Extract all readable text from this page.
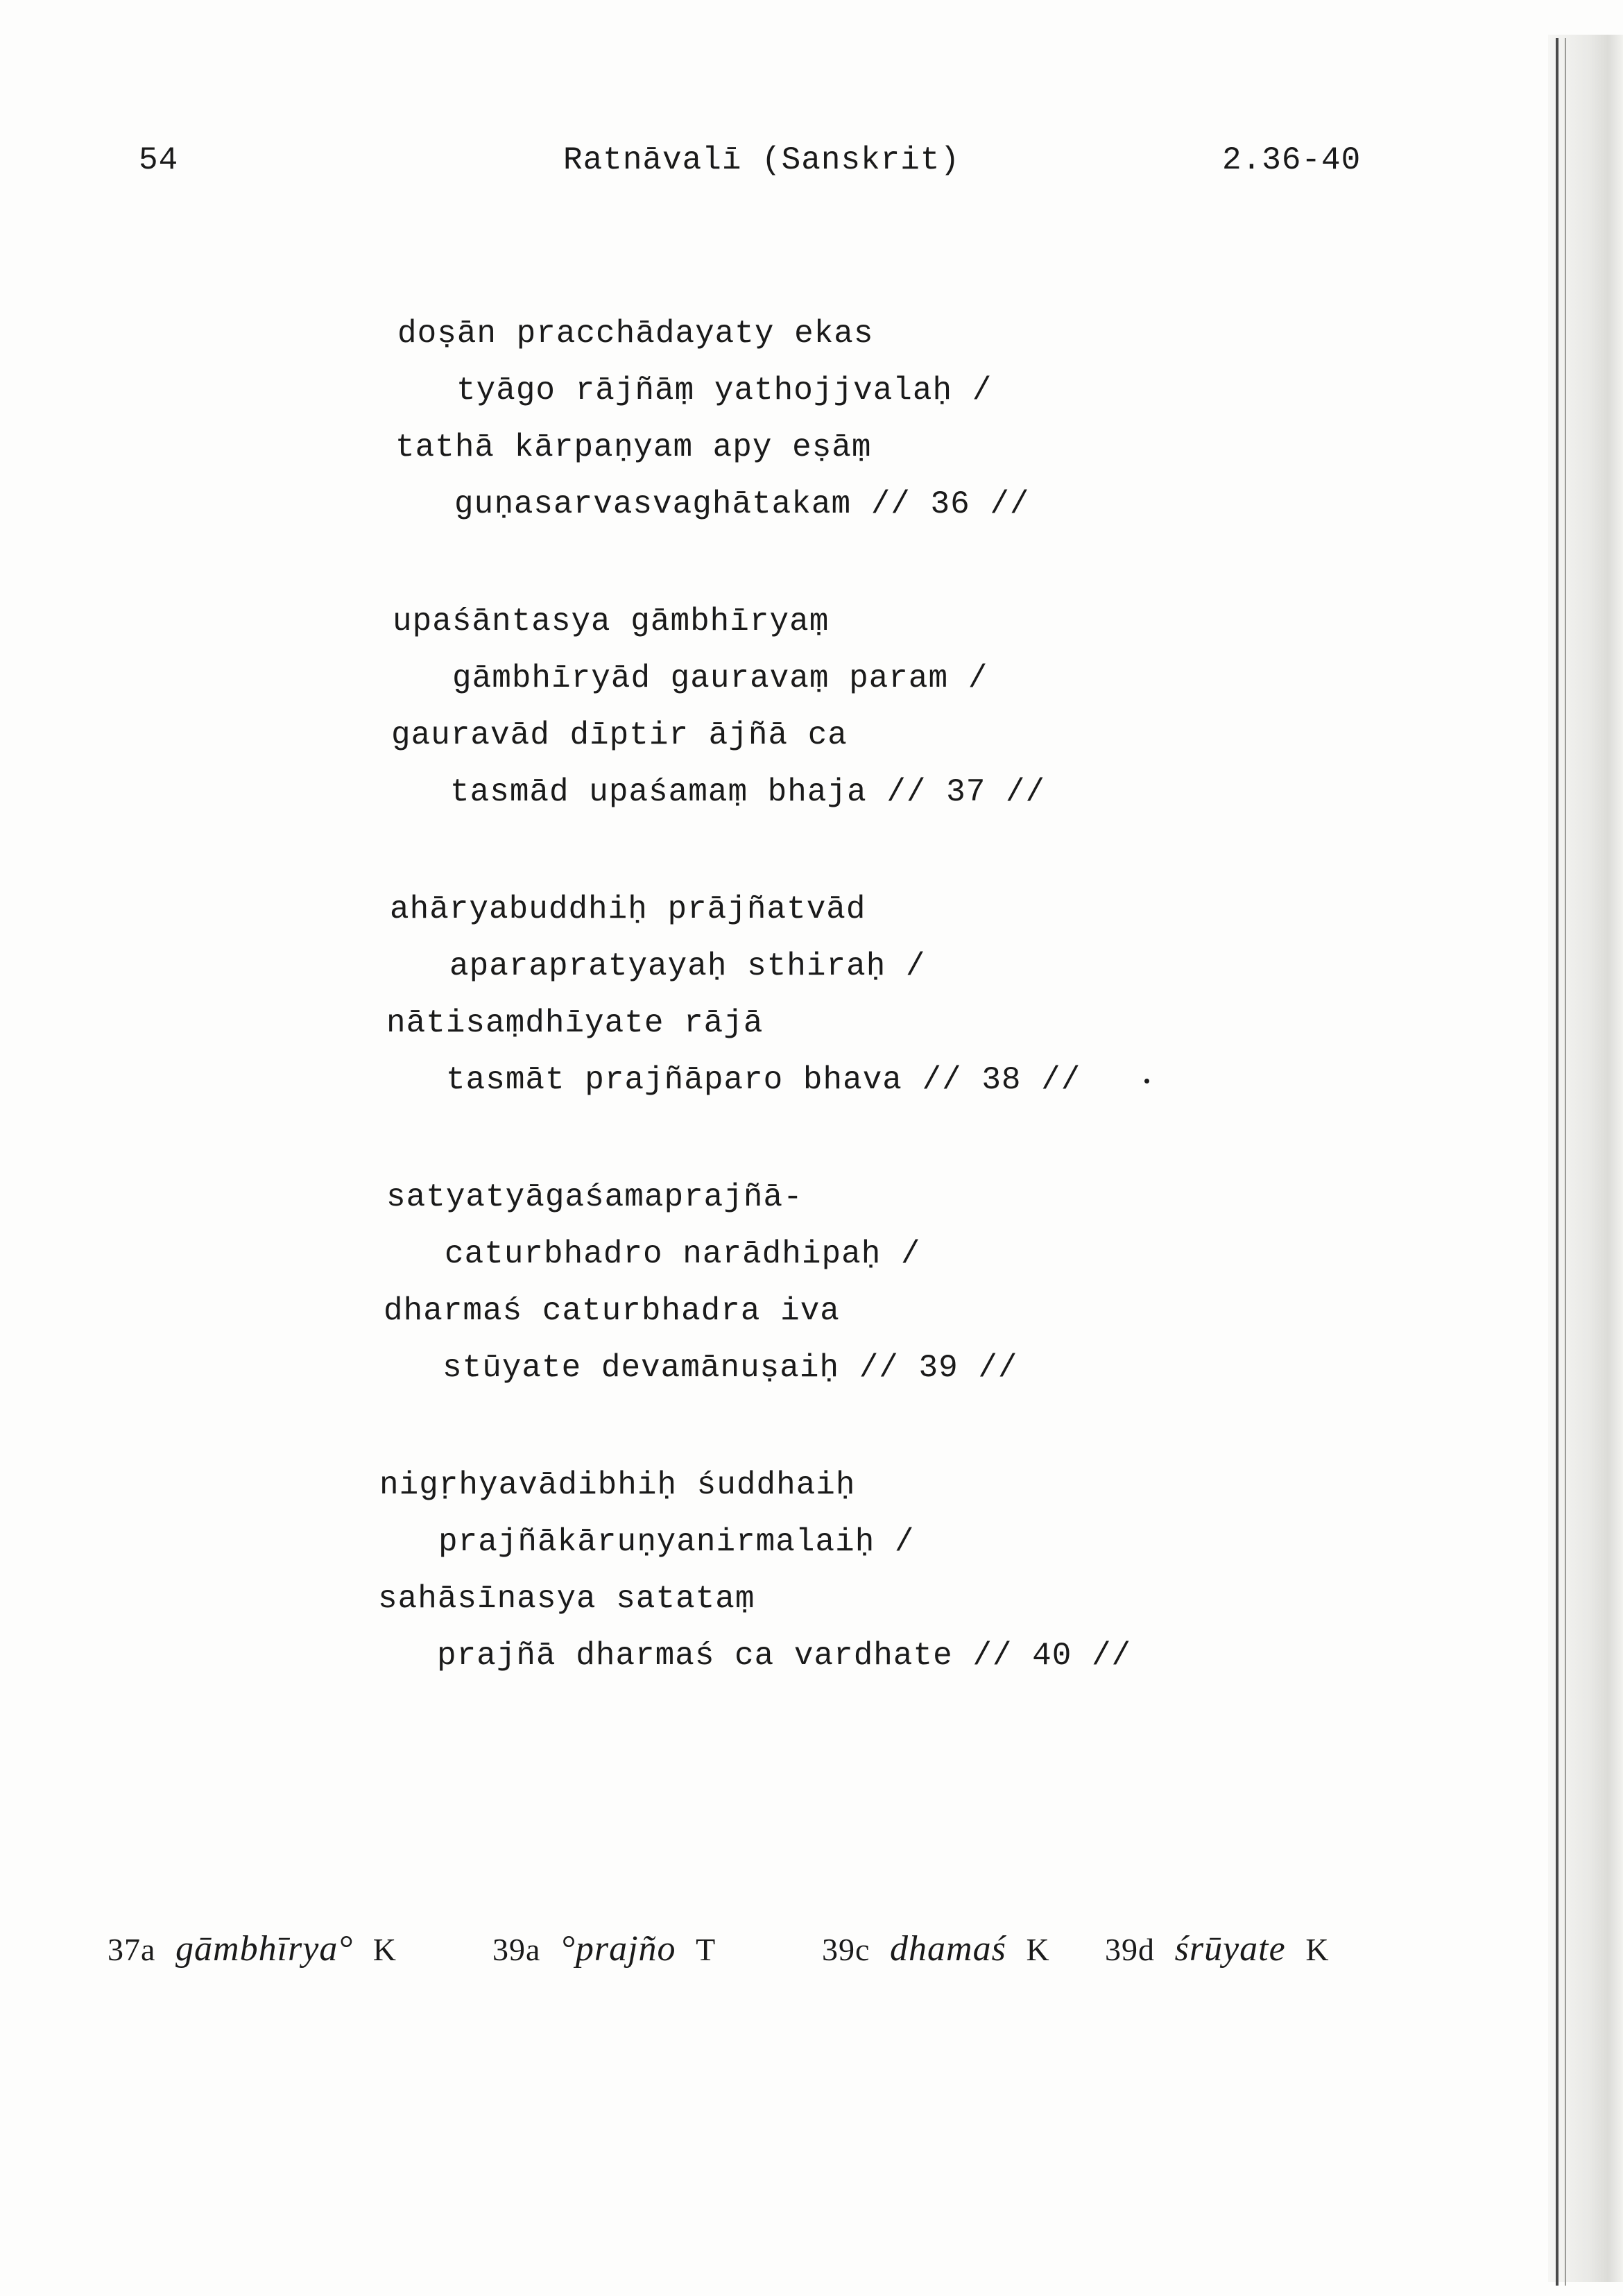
54	Ratnāvalī (Sanskrit)	2.36-40
doṣān pracchādayaty ekas
tyāgo rājñāṃ yathojjvalaḥ /
tathā kārpaṇyam apy eṣāṃ
guṇasarvasvaghātakam // 36 //
upaśāntasya gāmbhīryaṃ
gāmbhīryād gauravaṃ param /
gauravād dīptir ājñā ca
tasmād upaśamaṃ bhaja // 37 //
ahāryabuddhiḥ prājñatvād
aparapratyayaḥ sthiraḥ /
nātisaṃdhīyate rājā
tasmāt prajñāparo bhava // 38 //
satyatyāgaśamaprajñā-
caturbhadro narādhipaḥ /
dharmaś caturbhadra iva
stūyate devamānuṣaiḥ // 39 //
nigṛhyavādibhiḥ śuddhaiḥ
prajñākāruṇyanirmalaiḥ /
sahāsīnasya satataṃ
prajñā dharmaś ca vardhate // 40 //
37a gāmbhīrya° K	39a °prajño T	39c dhamaś K 39d śrūyate K
